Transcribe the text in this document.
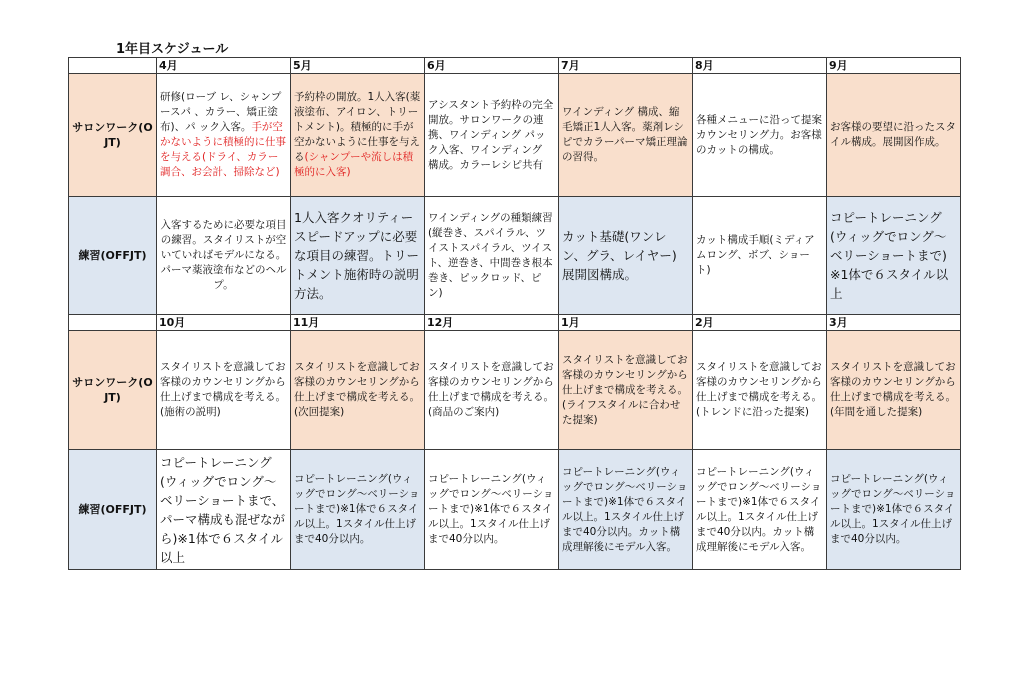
1年目スケジュール
	4月	5月	6月	7月	8月	9月
サロンワーク(OJT)	研修(ローブ レ、シャンプ ースパ 、カラー、矯正塗布)、パ ック入客。手が空かないように積極的に仕事を与える(ドライ、カラー調合、お会計、掃除など)	予約枠の開放。1人入客(薬液塗布、アイロン、トリートメント)。積極的に手が空かないように仕事を与える(シャンプーや流しは積極的に入客)	アシスタント予約枠の完全開放。サロンワークの連携、ワインディング パック入客、ワインディング 構成。カラーレシピ共有	ワインディング 構成、縮毛矯正1人入客。薬剤レシピでカラーパーマ矯正理論の習得。	各種メニューに沿って提案カウンセリング力。お客様のカットの構成。	お客様の要望に沿ったスタイル構成。展開図作成。
練習(OFFJT)	入客するために必要な項目の練習。スタイリストが空いていればモデルになる。パーマ薬液塗布などのヘルプ。	1人入客クオリティースピードアップに必要な項目の練習。トリートメント施術時の説明方法。	ワインディングの種類練習(縦巻き、スパイラル、ツイストスパイラル、ツイスト、逆巻き、中間巻き根本巻き、ピックロッド、ピン)	カット基礎(ワンレン、グラ、レイヤー)展開図構成。	カット構成手順(ミディアムロング、ボブ、ショート)	コピートレーニング(ウィッグでロング〜ベリーショートまで)※1体で６スタイル以上
	10月	11月	12月	1月	2月	3月
サロンワーク(OJT)	スタイリストを意識してお客様のカウンセリングから仕上げまで構成を考える。(施術の説明)	スタイリストを意識してお客様のカウンセリングから仕上げまで構成を考える。(次回提案)	スタイリストを意識してお客様のカウンセリングから仕上げまで構成を考える。(商品のご案内)	スタイリストを意識してお客様のカウンセリングから仕上げまで構成を考える。(ライフスタイルに合わせた提案)	スタイリストを意識してお客様のカウンセリングから仕上げまで構成を考える。(トレンドに沿った提案)	スタイリストを意識してお客様のカウンセリングから仕上げまで構成を考える。(年間を通した提案)
練習(OFFJT)	コピートレーニング(ウィッグでロング〜ベリーショートまで、パーマ構成も混ぜながら)※1体で６スタイル以上	コピートレーニング(ウィッグでロング〜ベリーショートまで)※1体で６スタイル以上。1スタイル仕上げまで40分以内。	コピートレーニング(ウィッグでロング〜ベリーショートまで)※1体で６スタイル以上。1スタイル仕上げまで40分以内。	コピートレーニング(ウィッグでロング〜ベリーショートまで)※1体で６スタイル以上。1スタイル仕上げまで40分以内。カット構成理解後にモデル入客。	コピートレーニング(ウィッグでロング〜ベリーショートまで)※1体で６スタイル以上。1スタイル仕上げまで40分以内。カット構成理解後にモデル入客。	コピートレーニング(ウィッグでロング〜ベリーショートまで)※1体で６スタイル以上。1スタイル仕上げまで40分以内。
